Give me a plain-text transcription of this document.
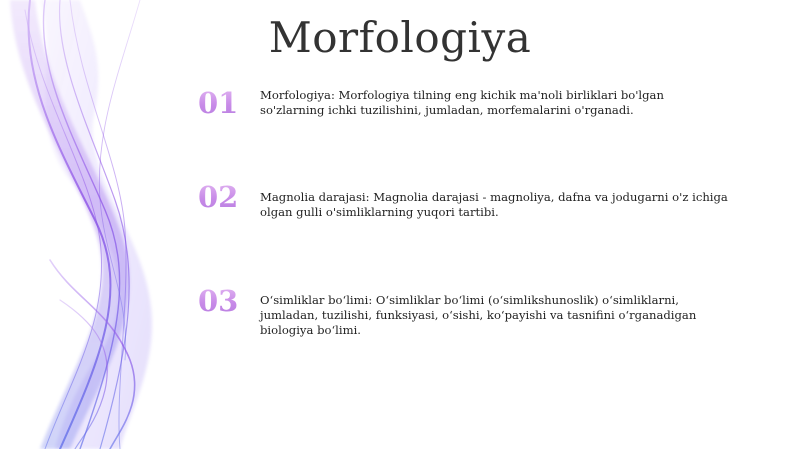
Morfologiya
01	Morfologiya: Morfologiya tilning eng kichik ma'noli birliklari bo'lgan so'zlarning ichki tuzilishini, jumladan, morfemalarini o'rganadi.
02	Magnolia darajasi: Magnolia darajasi - magnoliya, dafna va jodugarni o'z ichiga olgan gulli o'simliklarning yuqori tartibi.
03	O‘simliklar bo‘limi: O‘simliklar bo‘limi (o‘simlikshunoslik) o‘simliklarni, jumladan, tuzilishi, funksiyasi, o‘sishi, ko‘payishi va tasnifini o‘rganadigan biologiya bo‘limi.
